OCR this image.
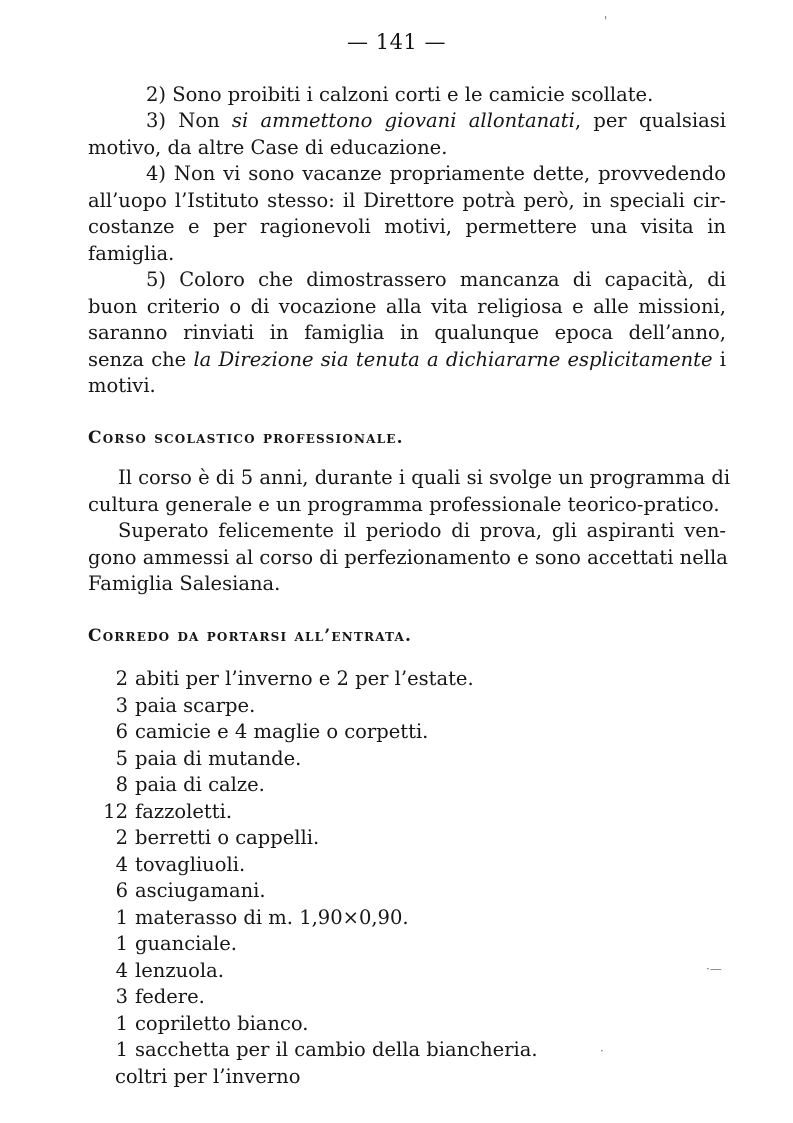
— 141 —

2) Sono proibiti i calzoni corti e le camicie scollate.

3) Non si ammettono giovani allontanati, per qualsiasi
motivo, da altre Case di educazione.

4) Non vi sono vacanze propriamente dette, provvedendo
all’uopo l’Istituto stesso: il Direttore potrà però, in speciali cir-
costanze e per ragionevoli motivi, permettere una visita in
famiglia.

5) Coloro che dimostrassero mancanza di capacità, di
buon criterio o di vocazione alla vita religiosa e alle missioni,
saranno rinviati in famiglia in qualunque epoca dell’anno,
senza che la Direzione sia tenuta a dichiararne esplicitamente i
motivi.

Corso scolastico professionale.

Il corso è di 5 anni, durante i quali si svolge un programma di
cultura generale e un programma professionale teorico-pratico.

Superato felicemente il periodo di prova, gli aspiranti ven-
gono ammessi al corso di perfezionamento e sono accettati nella
Famiglia Salesiana.

Corredo da portarsi all’entrata.
2 abiti per l’inverno e 2 per l’estate.
3 paia scarpe.
6 camicie e 4 maglie o corpetti.
5 paia di mutande.
8 paia di calze.
12 fazzoletti.
2 berretti o cappelli.
4 tovagliuoli.
6 asciugamani.
1 materasso di m. 1,90×0,90.
1 guanciale.
4 lenzuola.
3 federe.
1 copriletto bianco.
1 sacchetta per il cambio della biancheria.
coltri per l’inverno
'
·—
·
